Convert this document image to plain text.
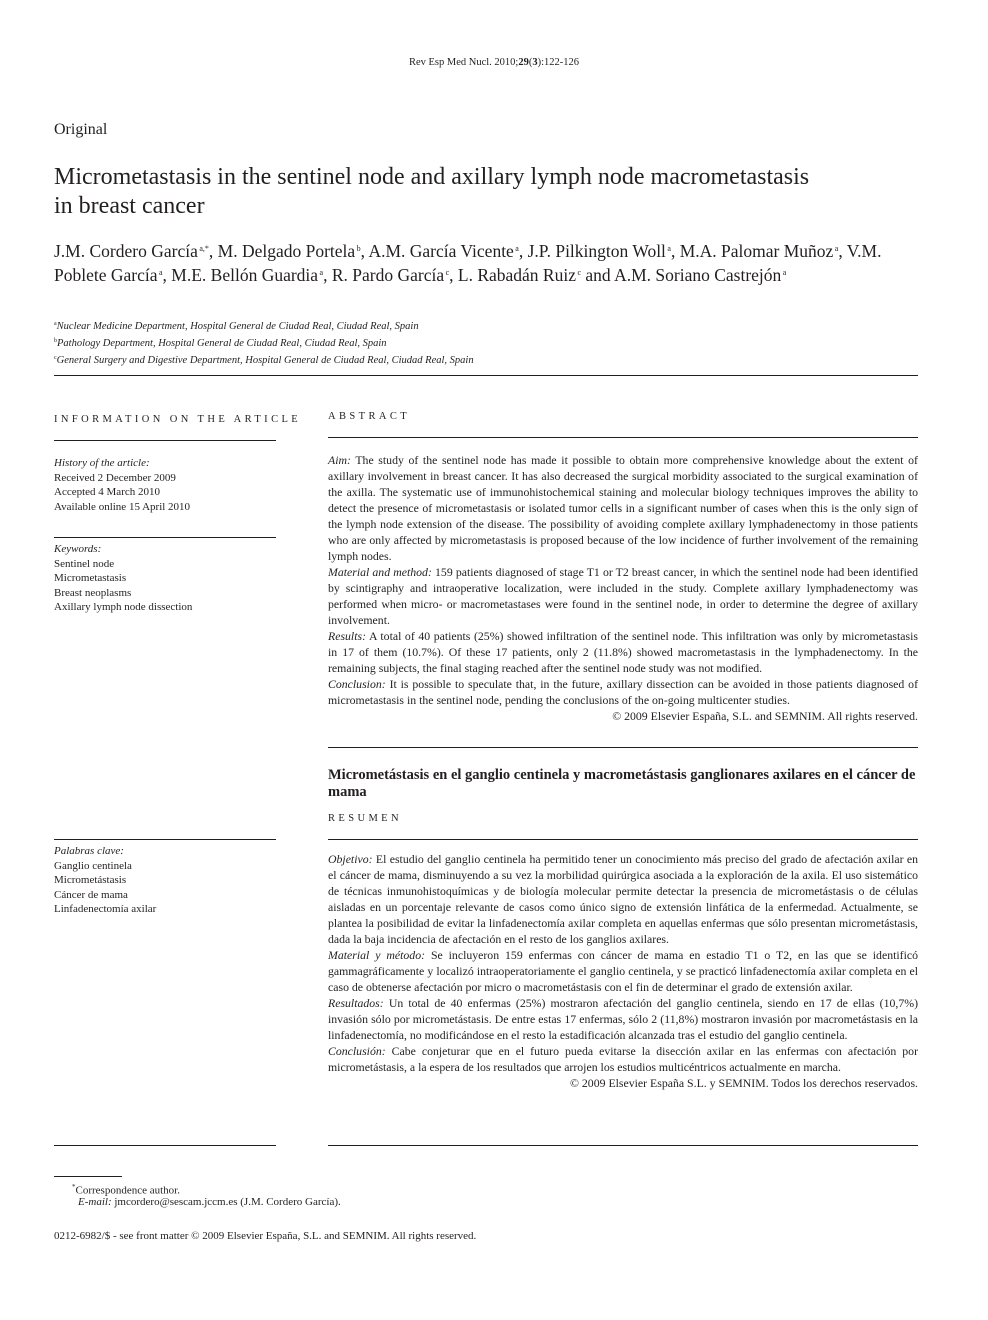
Rev Esp Med Nucl. 2010;29(3):122-126
Original
Micrometastasis in the sentinel node and axillary lymph node macrometastasis
in breast cancer
J.M. Cordero García $^{a,*}$, M. Delgado Portela $^b$, A.M. García Vicente $^a$, J.P. Pilkington Woll $^a$, M.A. Palomar Muñoz $^a$, V.M. Poblete García $^a$, M.E. Bellón Guardia $^a$, R. Pardo García $^c$, L. Rabadán Ruiz $^c$ and A.M. Soriano Castrejón $^a$
$^a$Nuclear Medicine Department, Hospital General de Ciudad Real, Ciudad Real, Spain
$^b$Pathology Department, Hospital General de Ciudad Real, Ciudad Real, Spain
$^c$General Surgery and Digestive Department, Hospital General de Ciudad Real, Ciudad Real, Spain
INFORMATION ON THE ARTICLE
History of the article:
Received 2 December 2009
Accepted 4 March 2010
Available online 15 April 2010
Keywords:
Sentinel node
Micrometastasis
Breast neoplasms
Axillary lymph node dissection
Palabras clave:
Ganglio centinela
Micrometástasis
Cáncer de mama
Linfadenectomía axilar
ABSTRACT

Aim: The study of the sentinel node has made it possible to obtain more comprehensive knowledge about the extent of axillary involvement in breast cancer. It has also decreased the surgical morbidity associated to the surgical examination of the axilla. The systematic use of immunohistochemical staining and molecular biology techniques improves the ability to detect the presence of micrometastasis or isolated tumor cells in a significant number of cases when this is the only sign of the lymph node extension of the disease. The possibility of avoiding complete axillary lymphadenectomy in those patients who are only affected by micrometastasis is proposed because of the low incidence of further involvement of the remaining lymph nodes.

Material and method: 159 patients diagnosed of stage T1 or T2 breast cancer, in which the sentinel node had been identified by scintigraphy and intraoperative localization, were included in the study. Complete axillary lymphadenectomy was performed when micro- or macrometastases were found in the sentinel node, in order to determine the degree of axillary involvement.

Results: A total of 40 patients (25%) showed infiltration of the sentinel node. This infiltration was only by micrometastasis in 17 of them (10.7%). Of these 17 patients, only 2 (11.8%) showed macrometastasis in the lymphadenectomy. In the remaining subjects, the final staging reached after the sentinel node study was not modified.

Conclusion: It is possible to speculate that, in the future, axillary dissection can be avoided in those patients diagnosed of micrometastasis in the sentinel node, pending the conclusions of the on-going multicenter studies.

© 2009 Elsevier España, S.L. and SEMNIM. All rights reserved.

Micrometástasis en el ganglio centinela y macrometástasis ganglionares axilares en el cáncer de mama
RESUMEN

Objetivo: El estudio del ganglio centinela ha permitido tener un conocimiento más preciso del grado de afectación axilar en el cáncer de mama, disminuyendo a su vez la morbilidad quirúrgica asociada a la exploración de la axila. El uso sistemático de técnicas inmunohistoquímicas y de biología molecular permite detectar la presencia de micrometástasis o de células aisladas en un porcentaje relevante de casos como único signo de extensión linfática de la enfermedad. Actualmente, se plantea la posibilidad de evitar la linfadenectomía axilar completa en aquellas enfermas que sólo presentan micrometástasis, dada la baja incidencia de afectación en el resto de los ganglios axilares.

Material y método: Se incluyeron 159 enfermas con cáncer de mama en estadio T1 o T2, en las que se identificó gammagráficamente y localizó intraoperatoriamente el ganglio centinela, y se practicó linfadenectomía axilar completa en el caso de obtenerse afectación por micro o macrometástasis con el fin de determinar el grado de extensión axilar.

Resultados: Un total de 40 enfermas (25%) mostraron afectación del ganglio centinela, siendo en 17 de ellas (10,7%) invasión sólo por micrometástasis. De entre estas 17 enfermas, sólo 2 (11,8%) mostraron invasión por macrometástasis en la linfadenectomía, no modificándose en el resto la estadificación alcanzada tras el estudio del ganglio centinela.

Conclusión: Cabe conjeturar que en el futuro pueda evitarse la disección axilar en las enfermas con afectación por micrometástasis, a la espera de los resultados que arrojen los estudios multicéntricos actualmente en marcha.

© 2009 Elsevier España S.L. y SEMNIM. Todos los derechos reservados.

*Correspondence author.
E-mail: jmcordero@sescam.jccm.es (J.M. Cordero García).
0212-6982/$ - see front matter © 2009 Elsevier España, S.L. and SEMNIM. All rights reserved.
